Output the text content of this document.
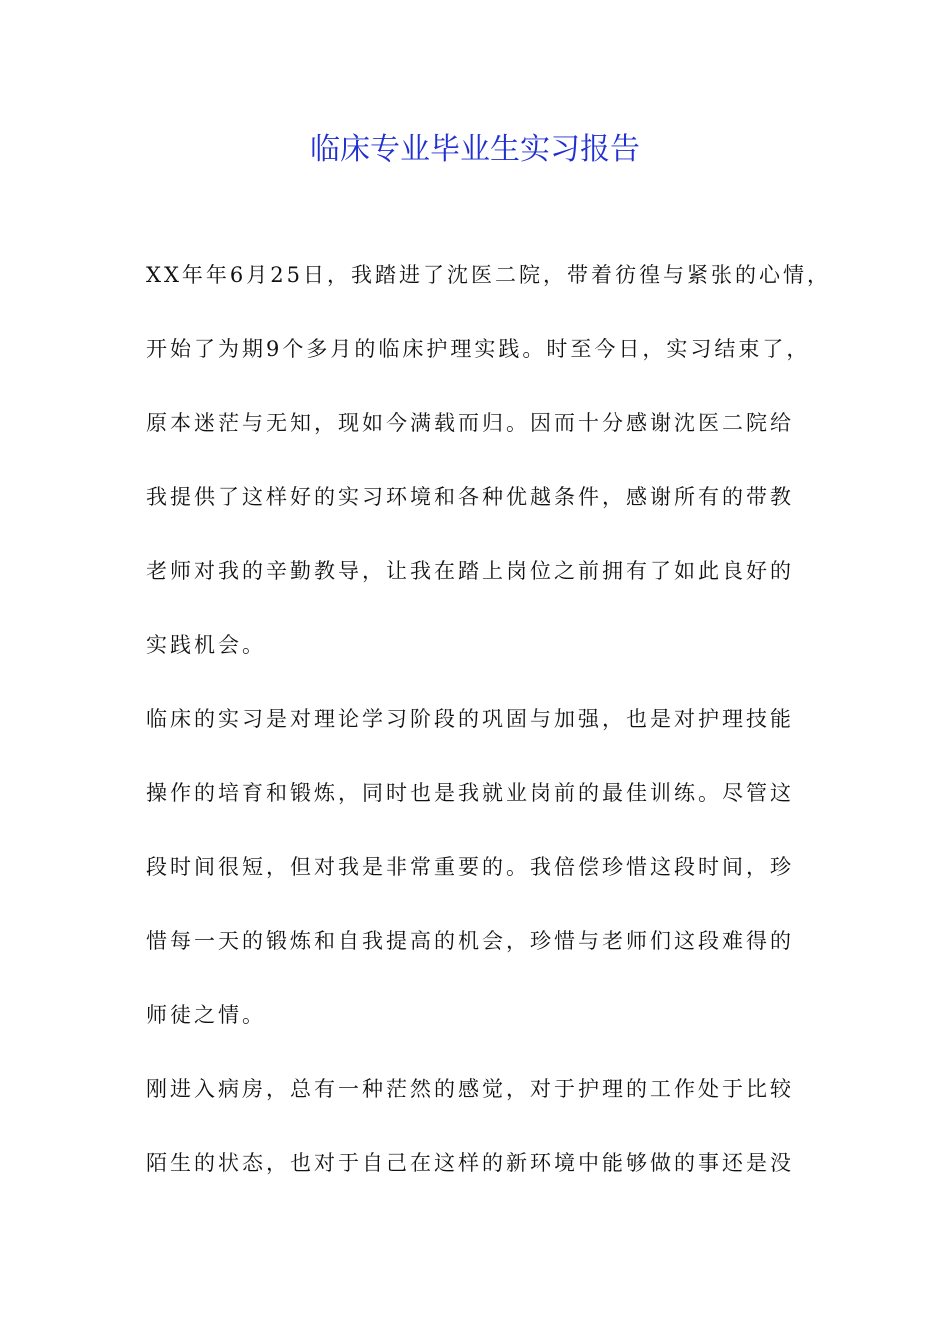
临床专业毕业生实习报告
XX年年6月25日，我踏进了沈医二院，带着彷徨与紧张的心情，
开始了为期9个多月的临床护理实践。时至今日，实习结束了，
原本迷茫与无知，现如今满载而归。因而十分感谢沈医二院给
我提供了这样好的实习环境和各种优越条件，感谢所有的带教
老师对我的辛勤教导，让我在踏上岗位之前拥有了如此良好的
实践机会。
临床的实习是对理论学习阶段的巩固与加强，也是对护理技能
操作的培育和锻炼，同时也是我就业岗前的最佳训练。尽管这
段时间很短，但对我是非常重要的。我倍偿珍惜这段时间，珍
惜每一天的锻炼和自我提高的机会，珍惜与老师们这段难得的
师徒之情。
刚进入病房，总有一种茫然的感觉，对于护理的工作处于比较
陌生的状态，也对于自己在这样的新环境中能够做的事还是没
